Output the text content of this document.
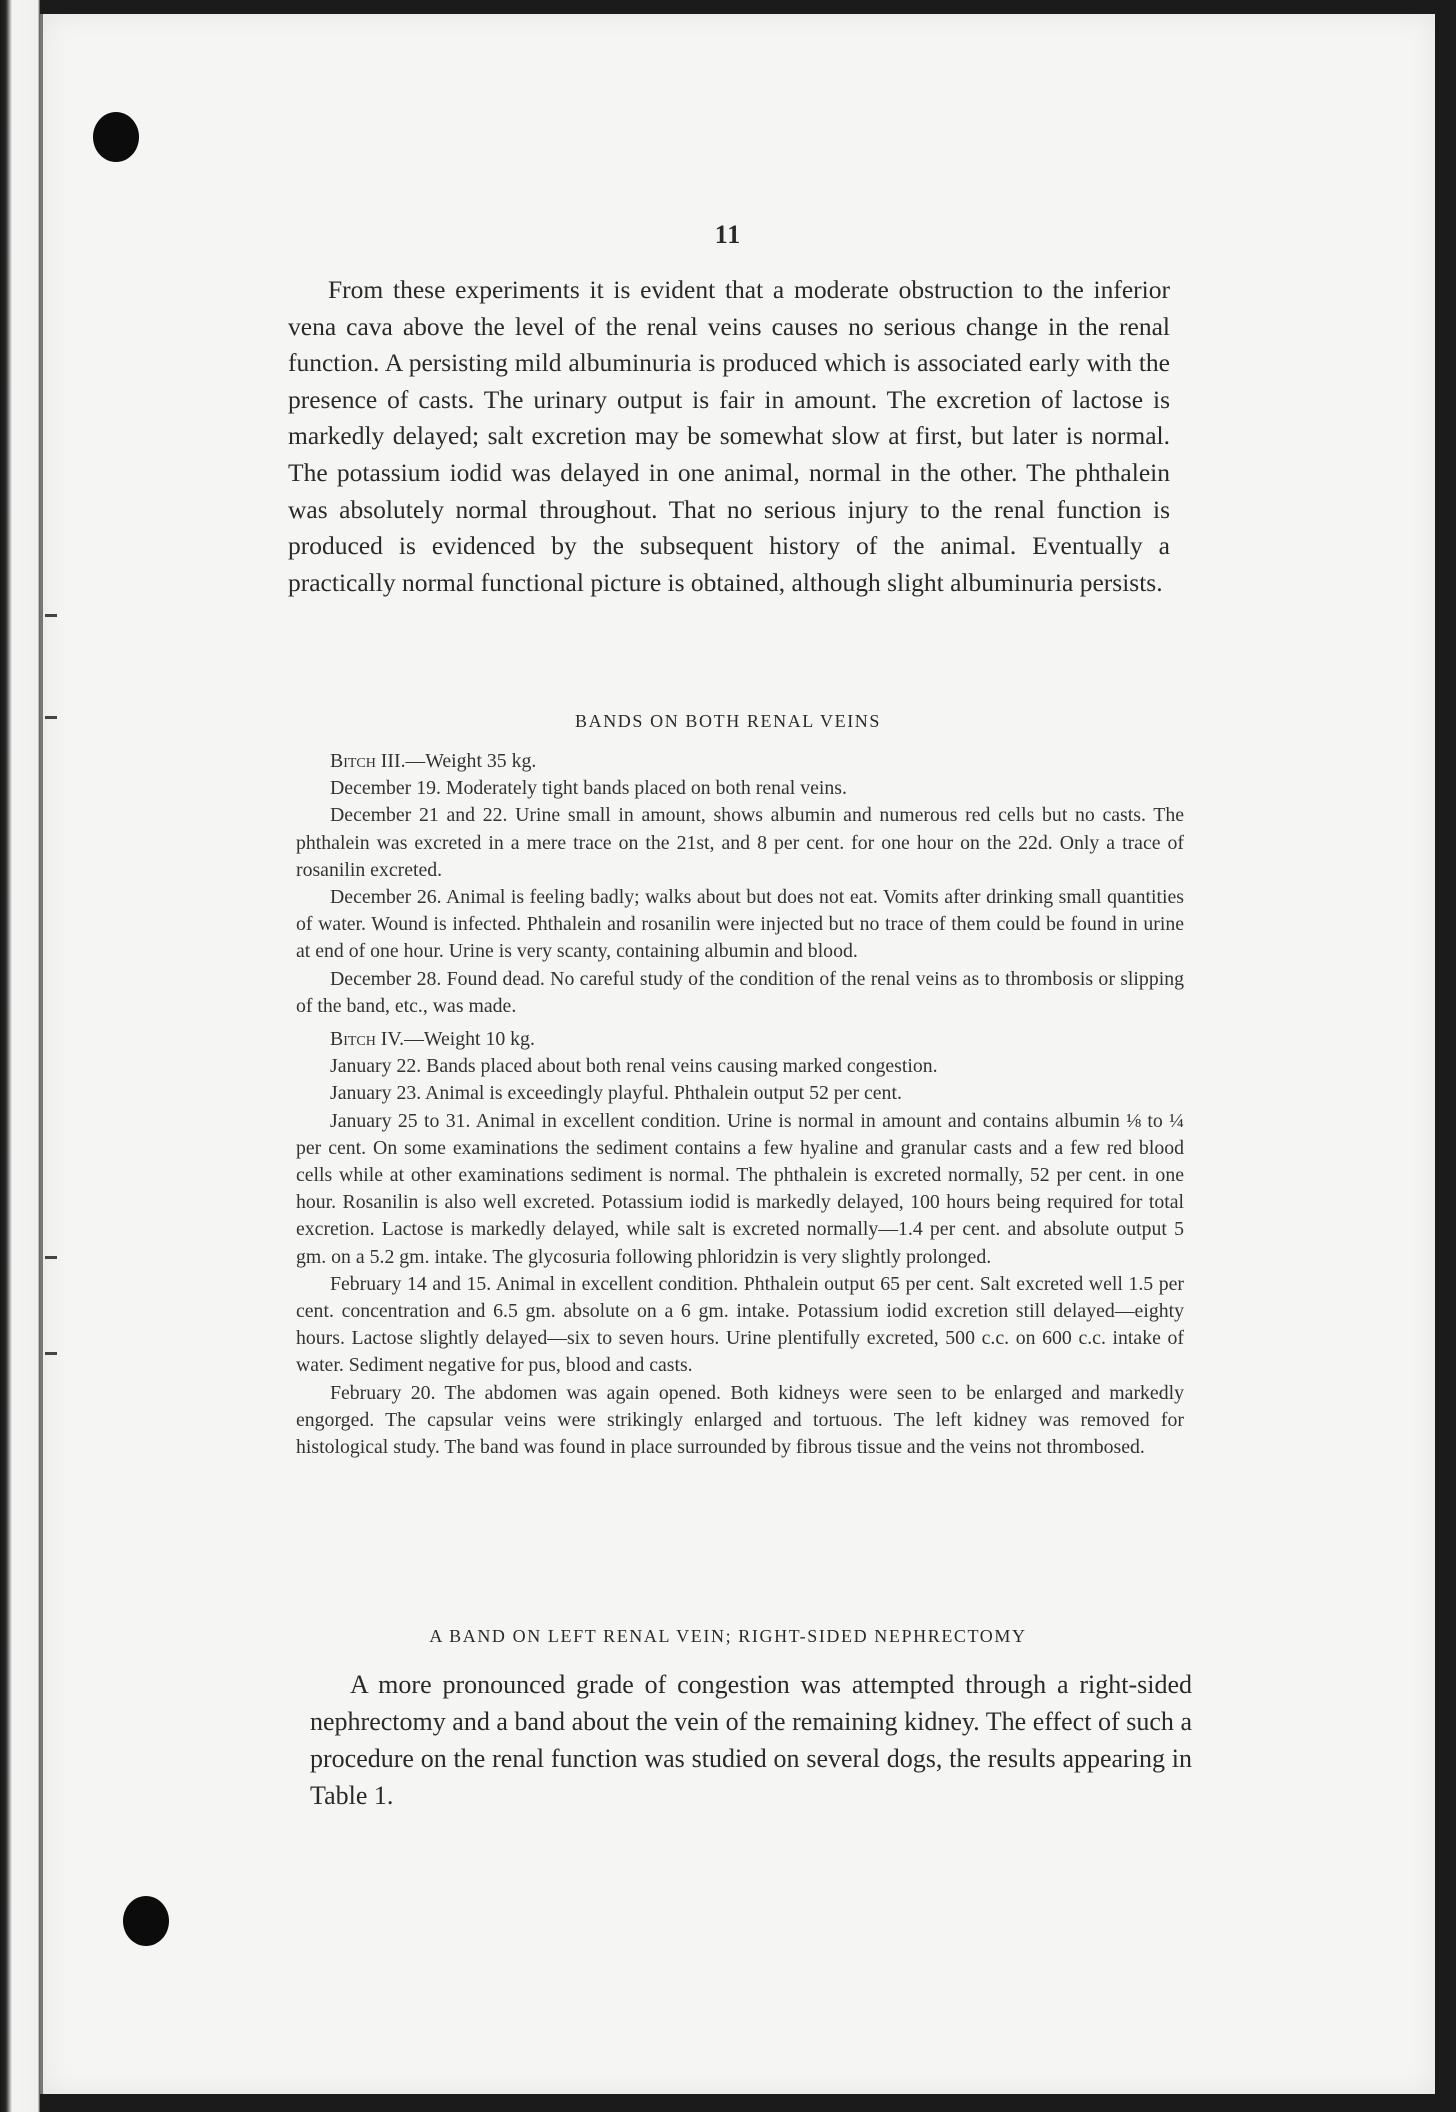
11

From these experiments it is evident that a moderate obstruction to the inferior vena cava above the level of the renal veins causes no serious change in the renal function. A persisting mild albuminuria is produced which is associated early with the presence of casts. The urinary output is fair in amount. The excretion of lactose is markedly delayed; salt excretion may be somewhat slow at first, but later is normal. The potassium iodid was delayed in one animal, normal in the other. The phthalein was absolutely normal throughout. That no serious injury to the renal function is produced is evidenced by the subsequent history of the animal. Eventually a practically normal functional picture is obtained, although slight albuminuria persists.

BANDS ON BOTH RENAL VEINS

Bitch III.—Weight 35 kg.

December 19. Moderately tight bands placed on both renal veins.

December 21 and 22. Urine small in amount, shows albumin and numerous red cells but no casts. The phthalein was excreted in a mere trace on the 21st, and 8 per cent. for one hour on the 22d. Only a trace of rosanilin excreted.

December 26. Animal is feeling badly; walks about but does not eat. Vomits after drinking small quantities of water. Wound is infected. Phthalein and rosanilin were injected but no trace of them could be found in urine at end of one hour. Urine is very scanty, containing albumin and blood.

December 28. Found dead. No careful study of the condition of the renal veins as to thrombosis or slipping of the band, etc., was made.

Bitch IV.—Weight 10 kg.

January 22. Bands placed about both renal veins causing marked congestion.

January 23. Animal is exceedingly playful. Phthalein output 52 per cent.

January 25 to 31. Animal in excellent condition. Urine is normal in amount and contains albumin ⅛ to ¼ per cent. On some examinations the sediment contains a few hyaline and granular casts and a few red blood cells while at other examinations sediment is normal. The phthalein is excreted normally, 52 per cent. in one hour. Rosanilin is also well excreted. Potassium iodid is markedly delayed, 100 hours being required for total excretion. Lactose is markedly delayed, while salt is excreted normally—1.4 per cent. and absolute output 5 gm. on a 5.2 gm. intake. The glycosuria following phloridzin is very slightly prolonged.

February 14 and 15. Animal in excellent condition. Phthalein output 65 per cent. Salt excreted well 1.5 per cent. concentration and 6.5 gm. absolute on a 6 gm. intake. Potassium iodid excretion still delayed—eighty hours. Lactose slightly delayed—six to seven hours. Urine plentifully excreted, 500 c.c. on 600 c.c. intake of water. Sediment negative for pus, blood and casts.

February 20. The abdomen was again opened. Both kidneys were seen to be enlarged and markedly engorged. The capsular veins were strikingly enlarged and tortuous. The left kidney was removed for histological study. The band was found in place surrounded by fibrous tissue and the veins not thrombosed.

A BAND ON LEFT RENAL VEIN; RIGHT-SIDED NEPHRECTOMY

A more pronounced grade of congestion was attempted through a right-sided nephrectomy and a band about the vein of the remaining kidney. The effect of such a procedure on the renal function was studied on several dogs, the results appearing in Table 1.
